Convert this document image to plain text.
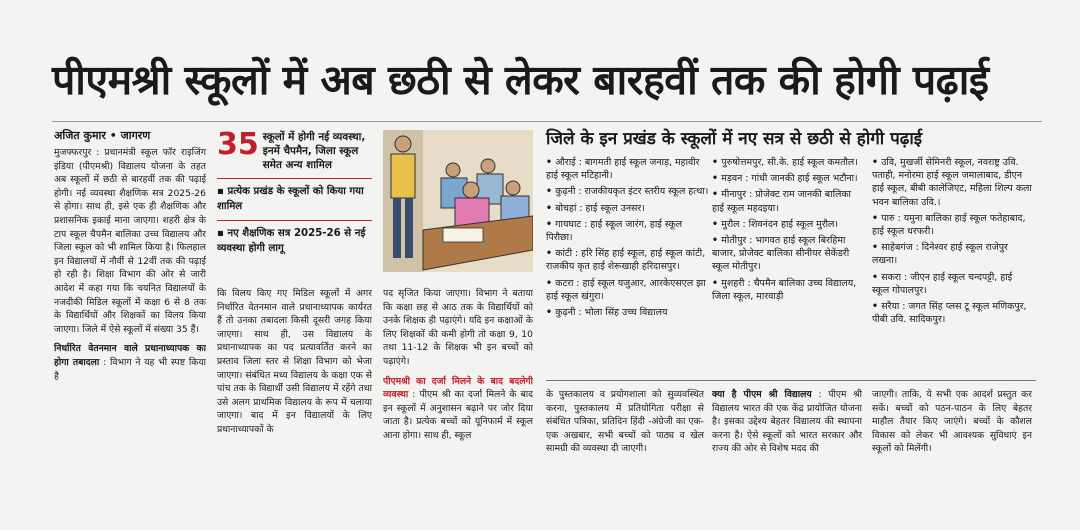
पीएमश्री स्कूलों में अब छठी से लेकर बारहवीं तक की होगी पढ़ाई
अजित कुमार • जागरण

मुजफ्फरपुर : प्रधानमंत्री स्कूल फॉर राइजिंग इंडिया (पीएमश्री) विद्यालय योजना के तहत अब स्कूलों में छठी से बारहवीं तक की पढ़ाई होगी। नई व्यवस्था शैक्षणिक सत्र 2025-26 से होगा। साथ ही, इसे एक ही शैक्षणिक और प्रशासनिक इकाई माना जाएगा। शहरी क्षेत्र के टाप स्कूल चैपमैन बालिका उच्च विद्यालय और जिला स्कूल को भी शामिल किया है। फिलहाल इन विद्यालयों में नौवीं से 12वीं तक की पढ़ाई हो रही है। शिक्षा विभाग की ओर से जारी आदेश में कहा गया कि चयनित विद्यालयों के नजदीकी मिडिल स्कूलों में कक्षा 6 से 8 तक के विद्यार्थियों और शिक्षकों का विलय किया जाएगा। जिले में ऐसे स्कूलों में संख्या 35 हैं।

निर्धारित वेतनमान वाले प्रधानाध्यापक का होगा तबादला : विभाग ने यह भी स्पष्ट किया है

35 स्कूलों में होगी नई व्यवस्था, इनमें चैपमैन, जिला स्कूल समेत अन्य शामिल
▪ प्रत्येक प्रखंड के स्कूलों को किया गया शामिल
▪ नए शैक्षणिक सत्र 2025-26 से नई व्यवस्था होगी लागू

कि विलय किए गए मिडिल स्कूलों में अगर निर्धारित वेतनमान वाले प्रधानाध्यापक कार्यरत हैं तो उनका तबादला किसी दूसरी जगह किया जाएगा। साथ ही, उस विद्यालय के प्रधानाध्यापक का पद प्रत्यावर्तित करने का प्रस्ताव जिला स्तर से शिक्षा विभाग को भेजा जाएगा। संबंधित मध्य विद्यालय के कक्षा एक से पांच तक के विद्यार्थी उसी विद्यालय में रहेंगे तथा उसे अलग प्राथमिक विद्यालय के रूप में चलाया जाएगा। बाद में इन विद्यालयों के लिए प्रधानाध्यापकों के

पद सृजित किया जाएगा। विभाग ने बताया कि कक्षा छह से आठ तक के विद्यार्थियों को उनके शिक्षक ही पढ़ाएंगे। यदि इन कक्षाओं के लिए शिक्षकों की कमी होगी तो कक्षा 9, 10 तथा 11-12 के शिक्षक भी इन बच्चों को पढ़ाएंगे।

पीएमश्री का दर्जा मिलने के बाद बदलेगी व्यवस्था : पीएम श्री का दर्जा मिलने के बाद इन स्कूलों में अनुशासन बढ़ाने पर जोर दिया जाता है। प्रत्येक बच्चों को यूनिफार्म में स्कूल आना होगा। साथ ही, स्कूल

जिले के इन प्रखंड के स्कूलों में नए सत्र से छठी से होगी पढ़ाई
• औराई : बागमती हाई स्कूल जनाड़, महावीर हाई स्कूल मटिहानी।
• कुढ़नी : राजकीयकृत इंटर स्तरीय स्कूल हत्था।
• बोचहां : हाई स्कूल उनसर।
• गायघाट : हाई स्कूल जारंग, हाई स्कूल पिरौछा।
• कांटी : हरि सिंह हाई स्कूल, हाई स्कूल कांटी, राजकीय कृत हाई शेरूखाही हरिदासपुर।
• कटरा : हाई स्कूल यजुआर, आरकेएसएल झा हाई स्कूल खंगुरा।
• कुढ़नी : भोला सिंह उच्च विद्यालय
• पुरुषोत्तमपुर, सी.के. हाई स्कूल कमतौल।
• मड़वन : गांधी जानकी हाई स्कूल भटौना।
• मीनापुर : प्रोजेक्ट राम जानकी बालिका हाई स्कूल महदइया।
• मुरौल : शिवनंदन हाई स्कूल मुरौल।
• मोतीपुर : भागवत हाई स्कूल बिरहिमा बाजार, प्रोजेक्ट बालिका सीनीयर सेकेंडरी स्कूल मोतीपुर।
• मुशहरी : चैपमैन बालिका उच्च विद्यालय, जिला स्कूल, मारवाड़ी
• उवि, मुखर्जी सेमिनरी स्कूल, नवराष्ट्र उवि. पताही, मनोरमा हाई स्कूल जमालाबाद, डीएन हाई स्कूल, बीबी कालेजिएट, महिला शिल्प कला भवन बालिका उवि.।
• पारु : यमुना बालिका हाई स्कूल फतेहाबाद, हाई स्कूल धरफरी।
• साहेबगंज : दिनेश्वर हाई स्कूल राजेपुर लखना।
• सकरा : जीएन हाई स्कूल चन्दपट्टी, हाई स्कूल गोपालपुर।
• सरैया : जगत सिंह प्लस टू स्कूल मणिकपुर, पीबी उवि. सादिकपुर।

के पुस्तकालय व प्रयोगशाला को सुव्यवस्थित करना, पुस्तकालय में प्रतियोगिता परीक्षा से संबंधित पत्रिका, प्रतिदिन हिंदी -अंग्रेजी का एक-एक अखबार, सभी बच्चों को पाठ्य व खेल सामग्री की व्यवस्था दी जाएगी।

क्या है पीएम श्री विद्यालय : पीएम श्री विद्यालय भारत की एक केंद्र प्रायोजित योजना है। इसका उद्देश्य बेहतर विद्यालय की स्थापना करना है। ऐसे स्कूलों को भारत सरकार और राज्य की ओर से विशेष मदद की

जाएगी। ताकि, ये सभी एक आदर्श प्रस्तुत कर सकें। बच्चों को पठन-पाठन के लिए बेहतर माहौल तैयार किए जाएंगे। बच्चों के कौशल विकास को लेकर भी आवश्यक सुविधाएं इन स्कूलों को मिलेंगी।
